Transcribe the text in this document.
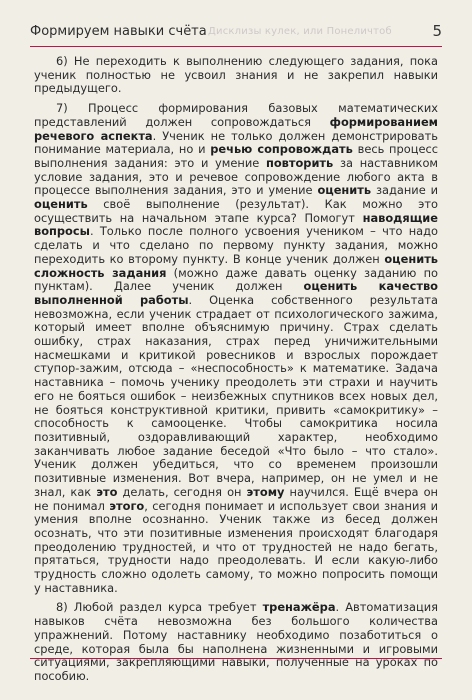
Формируем навыки счёта Дисклизы кулек, или Понеличтоб	5

6) Не переходить к выполнению следующего задания, пока ученик полностью не усвоил знания и не закрепил навыки предыдущего.

7) Процесс формирования базовых математических представлений должен сопровождаться формированием речевого аспекта. Ученик не только должен демонстрировать понимание материала, но и речью сопровождать весь процесс выполнения задания: это и умение повторить за наставником условие задания, это и речевое сопровождение любого акта в процессе выполнения задания, это и умение оценить задание и оценить своё выполнение (результат). Как можно это осуществить на начальном этапе курса? Помогут наводящие вопросы. Только после полного усвоения учеником – что надо сделать и что сделано по первому пункту задания, можно переходить ко второму пункту. В конце ученик должен оценить сложность задания (можно даже давать оценку заданию по пунктам). Далее ученик должен оценить качество выполненной работы. Оценка собственного результата невозможна, если ученик страдает от психологического зажима, который имеет вполне объяснимую причину. Страх сделать ошибку, страх наказания, страх перед уничижительными насмешками и критикой ровесников и взрослых порождает ступор-зажим, отсюда – «неспособность» к математике. Задача наставника – помочь ученику преодолеть эти страхи и научить его не бояться ошибок – неизбежных спутников всех новых дел, не бояться конструктивной критики, привить «самокритику» – способность к самооценке. Чтобы самокритика носила позитивный, оздоравливающий характер, необходимо заканчивать любое задание беседой «Что было – что стало». Ученик должен убедиться, что со временем произошли позитивные изменения. Вот вчера, например, он не умел и не знал, как это делать, сегодня он этому научился. Ещё вчера он не понимал этого, сегодня понимает и использует свои знания и умения вполне осознанно. Ученик также из бесед должен осознать, что эти позитивные изменения происходят благодаря преодолению трудностей, и что от трудностей не надо бегать, прятаться, трудности надо преодолевать. И если какую-либо трудность сложно одолеть самому, то можно попросить помощи у наставника.

8) Любой раздел курса требует тренажёра. Автоматизация навыков счёта невозможна без большого количества упражнений. Потому наставнику необходимо позаботиться о среде, которая была бы наполнена жизненными и игровыми ситуациями, закрепляющими навыки, полученные на уроках по пособию.
